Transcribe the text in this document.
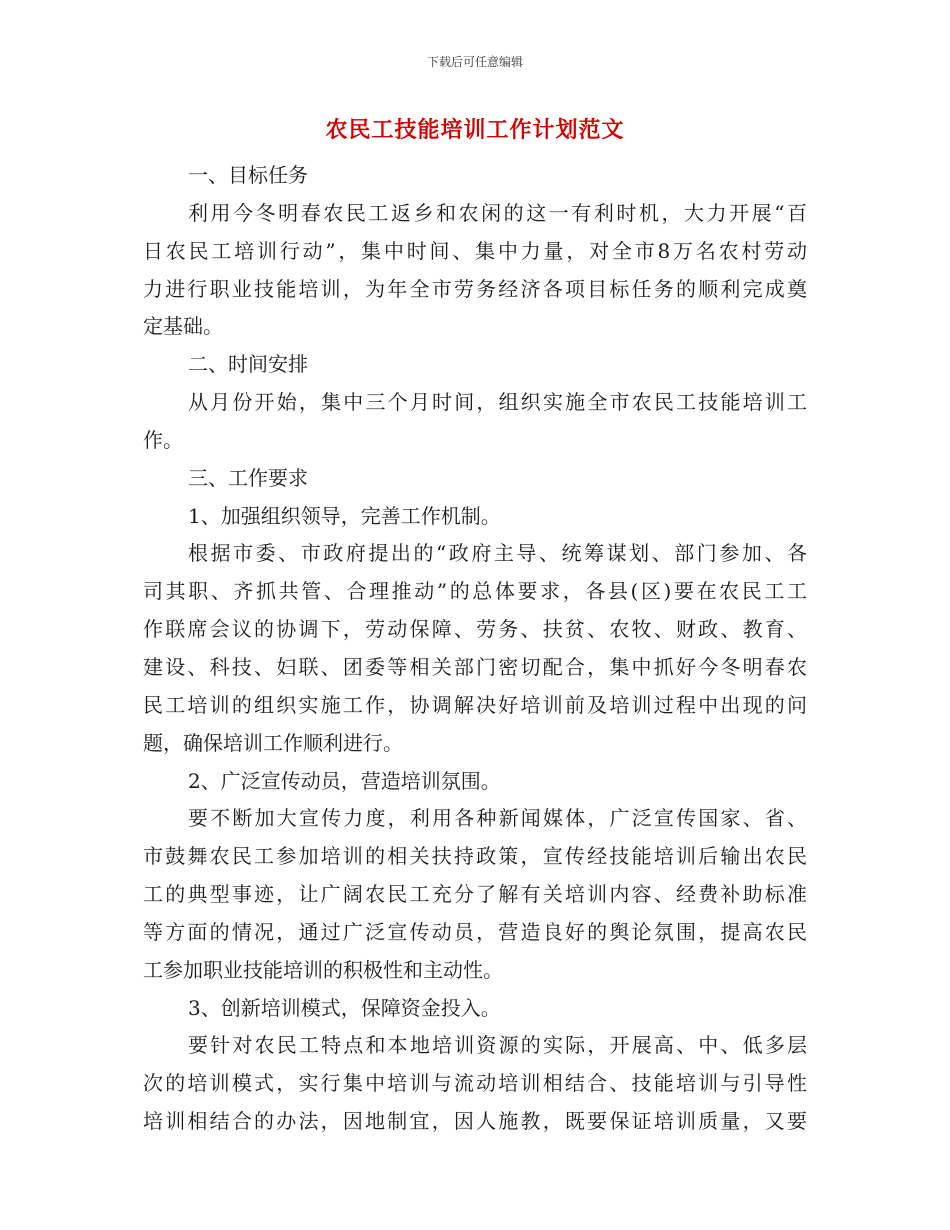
下载后可任意编辑
农民工技能培训工作计划范文
一、目标任务
利用今冬明春农民工返乡和农闲的这一有利时机，大力开展“百
日农民工培训行动”，集中时间、集中力量，对全市8万名农村劳动
力进行职业技能培训，为年全市劳务经济各项目标任务的顺利完成奠
定基础。
二、时间安排
从月份开始，集中三个月时间，组织实施全市农民工技能培训工
作。
三、工作要求
1、加强组织领导，完善工作机制。
根据市委、市政府提出的“政府主导、统筹谋划、部门参加、各
司其职、齐抓共管、合理推动”的总体要求，各县(区)要在农民工工
作联席会议的协调下，劳动保障、劳务、扶贫、农牧、财政、教育、
建设、科技、妇联、团委等相关部门密切配合，集中抓好今冬明春农
民工培训的组织实施工作，协调解决好培训前及培训过程中出现的问
题，确保培训工作顺利进行。
2、广泛宣传动员，营造培训氛围。
要不断加大宣传力度，利用各种新闻媒体，广泛宣传国家、省、
市鼓舞农民工参加培训的相关扶持政策，宣传经技能培训后输出农民
工的典型事迹，让广阔农民工充分了解有关培训内容、经费补助标准
等方面的情况，通过广泛宣传动员，营造良好的舆论氛围，提高农民
工参加职业技能培训的积极性和主动性。
3、创新培训模式，保障资金投入。
要针对农民工特点和本地培训资源的实际，开展高、中、低多层
次的培训模式，实行集中培训与流动培训相结合、技能培训与引导性
培训相结合的办法，因地制宜，因人施教，既要保证培训质量，又要
